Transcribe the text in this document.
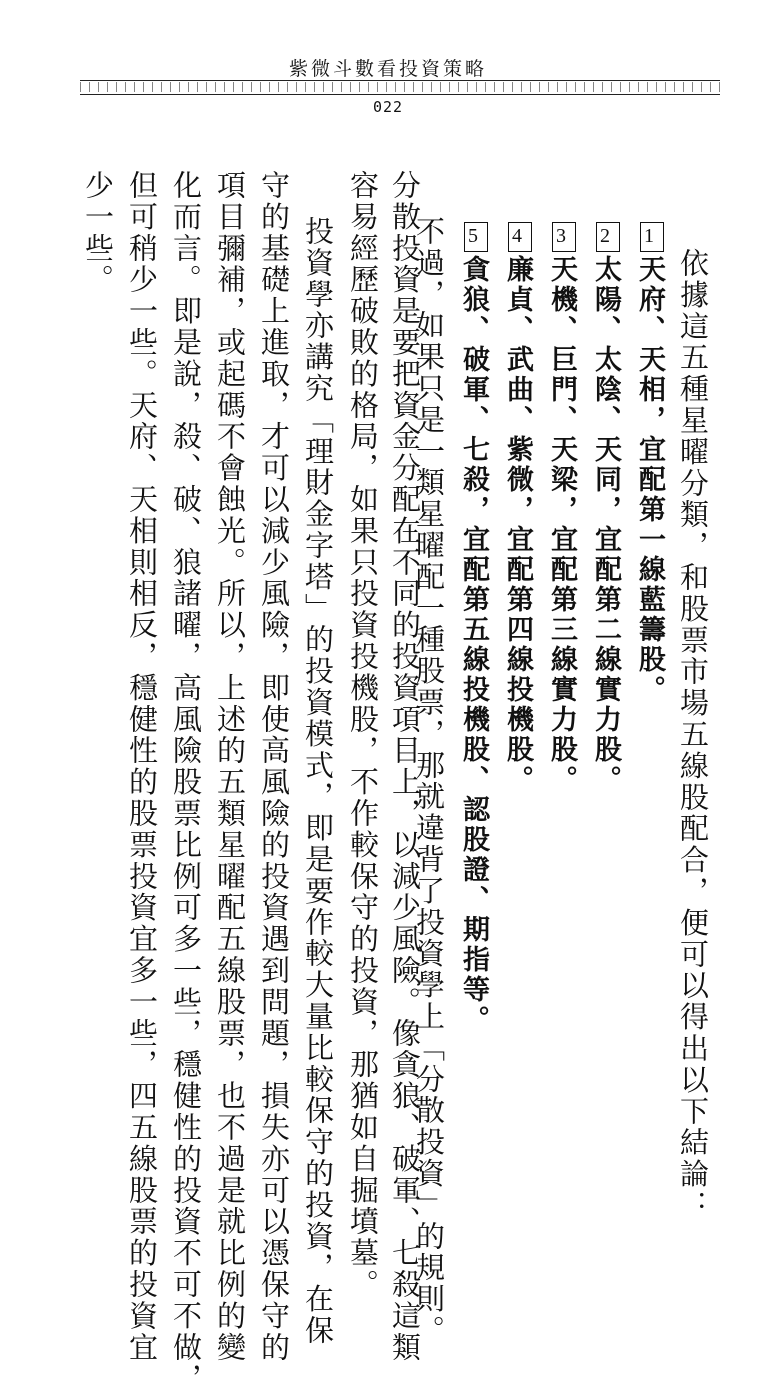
紫微斗數看投資策略
022
依據這五種星曜分類，和股票市場五線股配合，便可以得出以下結論：
1天府、天相，宜配第一線藍籌股。
2太陽、太陰、天同，宜配第二線實力股。
3天機、巨門、天梁，宜配第三線實力股。
4廉貞、武曲、紫微，宜配第四線投機股。
5貪狼、破軍、七殺，宜配第五線投機股、認股證、期指等。
不過，如果只是一類星曜配一種股票，那就違背了投資學上「分散投資」的規則。
分散投資是要把資金分配在不同的投資項目上，以減少風險。像貪狼、破軍、七殺這類
容易經歷破敗的格局，如果只投資投機股，不作較保守的投資，那猶如自掘墳墓。
投資學亦講究「理財金字塔」的投資模式，即是要作較大量比較保守的投資，在保
守的基礎上進取，才可以減少風險，即使高風險的投資遇到問題，損失亦可以憑保守的
項目彌補，或起碼不會蝕光。所以，上述的五類星曜配五線股票，也不過是就比例的變
化而言。即是說，殺、破、狼諸曜，高風險股票比例可多一些，穩健性的投資不可不做，
但可稍少一些。天府、天相則相反，穩健性的股票投資宜多一些，四五線股票的投資宜
少一些。
